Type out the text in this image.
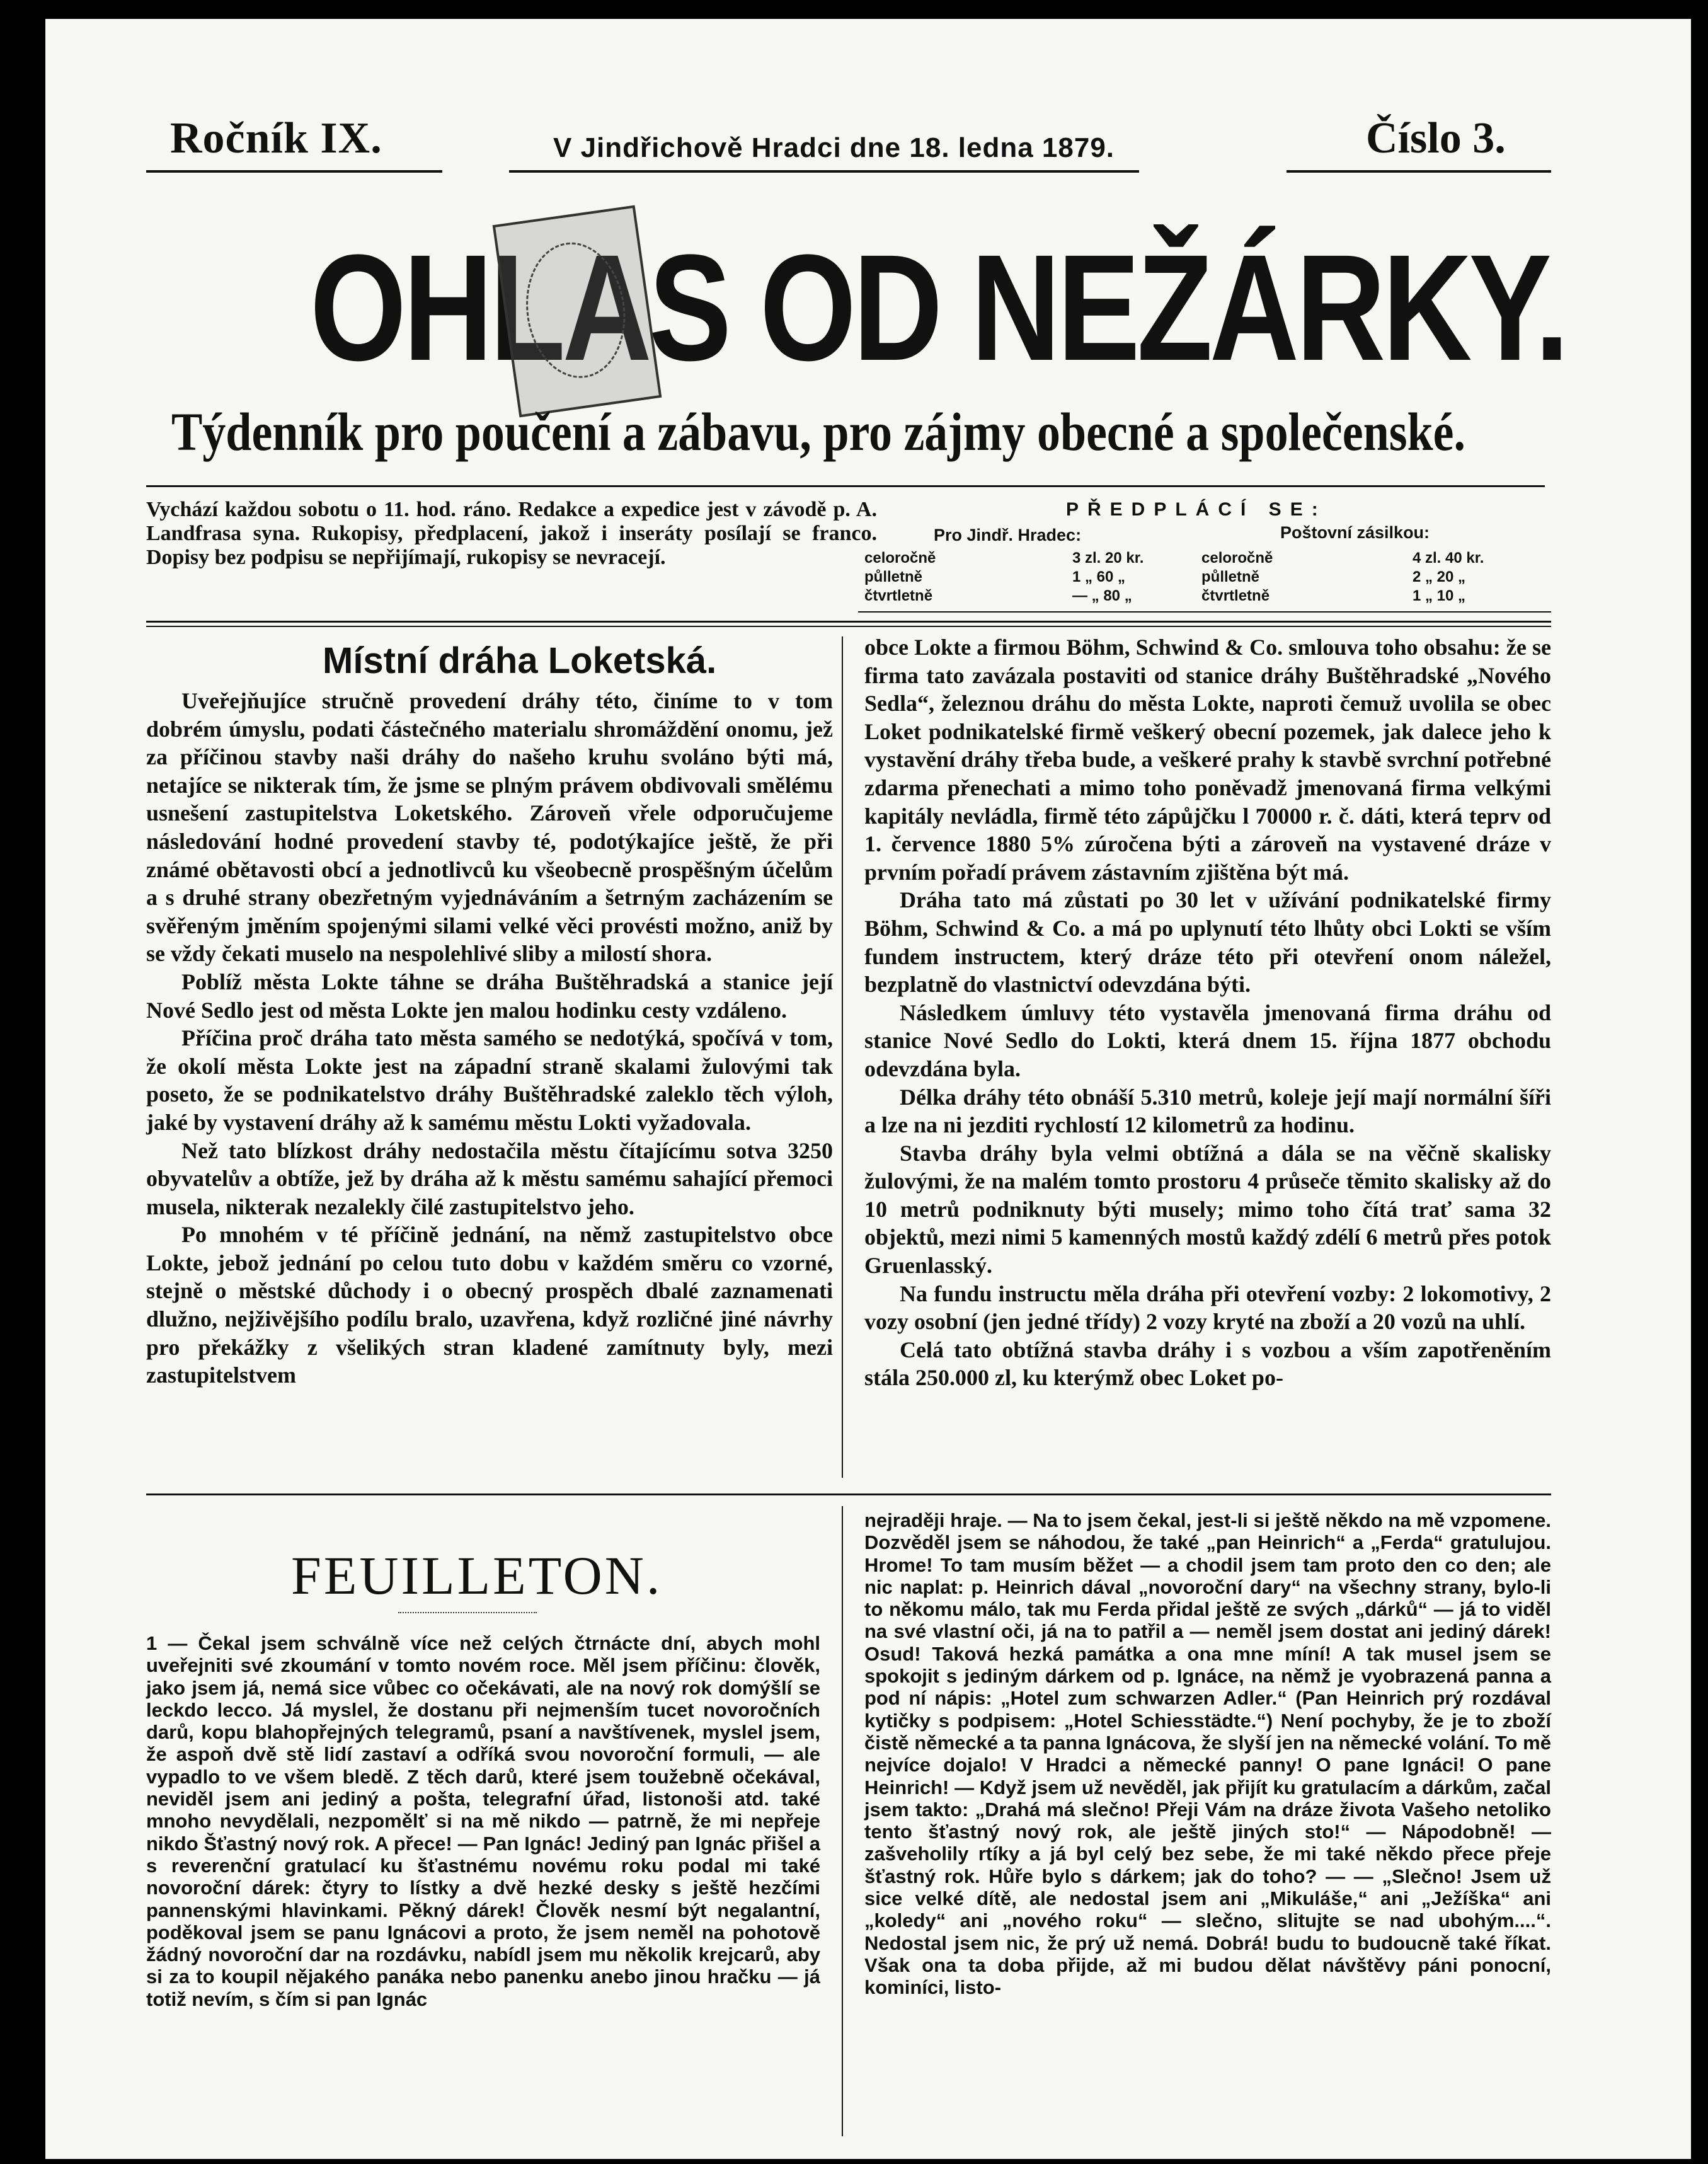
Ročník IX.	V Jindřichově Hradci dne 18. ledna 1879.	Číslo 3.
OHLAS OD NEŽÁRKY.
Týdenník pro poučení a zábavu, pro zájmy obecné a společenské.
Vychází každou sobotu o 11. hod. ráno. Redakce a expedice jest v závodě p. A. Landfrasa syna. Rukopisy, předplacení, jakož i inseráty posílají se franco. Dopisy bez podpisu se nepřijímají, rukopisy se nevracejí.
PŘEDPLÁCÍ SE:
Pro Jindř. Hradec:	Poštovní zásilkou:
celoročně	3 zl. 20 kr.
půlletně	1 „ 60 „
čtvrtletně	— „ 80 „
celoročně	4 zl. 40 kr.
půlletně	2 „ 20 „
čtvrtletně	1 „ 10 „
Místní dráha Loketská.

Uveřejňujíce stručně provedení dráhy této, činíme to v tom dobrém úmyslu, podati částečného materialu shromáždění onomu, jež za příčinou stavby naši dráhy do našeho kruhu svoláno býti má, netajíce se nikterak tím, že jsme se plným právem obdivovali smělému usnešení zastupitelstva Loketského. Zároveň vřele odporučujeme následování hodné provedení stavby té, podotýkajíce ještě, že při známé obětavosti obcí a jednotlivců ku všeobecně prospěšným účelům a s druhé strany obezřetným vyjednáváním a šetrným zacházením se svěřeným jměním spojenými silami velké věci provésti možno, aniž by se vždy čekati muselo na nespolehlivé sliby a milostí shora.

Poblíž města Lokte táhne se dráha Buštěhradská a stanice její Nové Sedlo jest od města Lokte jen malou hodinku cesty vzdáleno.

Příčina proč dráha tato města samého se nedotýká, spočívá v tom, že okolí města Lokte jest na západní straně skalami žulovými tak poseto, že se podnikatelstvo dráhy Buštěhradské zaleklo těch výloh, jaké by vystavení dráhy až k samému městu Lokti vyžadovala.

Než tato blízkost dráhy nedostačila městu čítajícímu sotva 3250 obyvatelův a obtíže, jež by dráha až k městu samému sahající přemoci musela, nikterak nezalekly čilé zastupitelstvo jeho.

Po mnohém v té příčině jednání, na němž zastupitelstvo obce Lokte, jebož jednání po celou tuto dobu v každém směru co vzorné, stejně o městské důchody i o obecný prospěch dbalé zaznamenati dlužno, nejživějšího podílu bralo, uzavřena, když rozličné jiné návrhy pro překážky z všelikých stran kladené zamítnuty byly, mezi zastupitelstvem

obce Lokte a firmou Böhm, Schwind & Co. smlouva toho obsahu: že se firma tato zavázala postaviti od stanice dráhy Buštěhradské „Nového Sedla“, železnou dráhu do města Lokte, naproti čemuž uvolila se obec Loket podnikatelské firmě veškerý obecní pozemek, jak dalece jeho k vystavění dráhy třeba bude, a veškeré prahy k stavbě svrchní potřebné zdarma přenechati a mimo toho poněvadž jmenovaná firma velkými kapitály nevládla, firmě této zápůjčku l 70000 r. č. dáti, která teprv od 1. července 1880 5% zúročena býti a zároveň na vystavené dráze v prvním pořadí právem zástavním zjištěna být má.

Dráha tato má zůstati po 30 let v užívání podnikatelské firmy Böhm, Schwind & Co. a má po uplynutí této lhůty obci Lokti se vším fundem instructem, který dráze této při otevření onom náležel, bezplatně do vlastnictví odevzdána býti.

Následkem úmluvy této vystavěla jmenovaná firma dráhu od stanice Nové Sedlo do Lokti, která dnem 15. října 1877 obchodu odevzdána byla.

Délka dráhy této obnáší 5.310 metrů, koleje její mají normální šíři a lze na ni jezditi rychlostí 12 kilometrů za hodinu.

Stavba dráhy byla velmi obtížná a dála se na věčně skalisky žulovými, že na malém tomto prostoru 4 průseče těmito skalisky až do 10 metrů podniknuty býti musely; mimo toho čítá trať sama 32 objektů, mezi nimi 5 kamenných mostů každý zdélí 6 metrů přes potok Gruenlasský.

Na fundu instructu měla dráha při otevření vozby: 2 lokomotivy, 2 vozy osobní (jen jedné třídy) 2 vozy kryté na zboží a 20 vozů na uhlí.

Celá tato obtížná stavba dráhy i s vozbou a vším zapotřeněním stála 250.000 zl, ku kterýmž obec Loket po-

FEUILLETON.

1 — Čekal jsem schválně více než celých čtrnácte dní, abych mohl uveřejniti své zkoumání v tomto novém roce. Měl jsem příčinu: člověk, jako jsem já, nemá sice vůbec co očekávati, ale na nový rok domýšlí se leckdo lecco. Já myslel, že dostanu při nejmenším tucet novoročních darů, kopu blahopřejných telegramů, psaní a navštívenek, myslel jsem, že aspoň dvě stě lidí zastaví a odříká svou novoroční formuli, — ale vypadlo to ve všem bledě. Z těch darů, které jsem toužebně očekával, neviděl jsem ani jediný a pošta, telegrafní úřad, listonoši atd. také mnoho nevydělali, nezpomělť si na mě nikdo — patrně, že mi nepřeje nikdo Šťastný nový rok. A přece! — Pan Ignác! Jediný pan Ignác přišel a s reverenční gratulací ku šťastnému novému roku podal mi také novoroční dárek: čtyry to lístky a dvě hezké desky s ještě hezčími pannenskými hlavinkami. Pěkný dárek! Člověk nesmí být negalantní, poděkoval jsem se panu Ignácovi a proto, že jsem neměl na pohotově žádný novoroční dar na rozdávku, nabídl jsem mu několik krejcarů, aby si za to koupil nějakého panáka nebo panenku anebo jinou hračku — já totiž nevím, s čím si pan Ignác

nejraději hraje. — Na to jsem čekal, jest-li si ještě někdo na mě vzpomene. Dozvěděl jsem se náhodou, že také „pan Heinrich“ a „Ferda“ gratulujou. Hrome! To tam musím běžet — a chodil jsem tam proto den co den; ale nic naplat: p. Heinrich dával „novoroční dary“ na všechny strany, bylo-li to někomu málo, tak mu Ferda přidal ještě ze svých „dárků“ — já to viděl na své vlastní oči, já na to patřil a — neměl jsem dostat ani jediný dárek! Osud! Taková hezká památka a ona mne míní! A tak musel jsem se spokojit s jediným dárkem od p. Ignáce, na němž je vyobrazená panna a pod ní nápis: „Hotel zum schwarzen Adler.“ (Pan Heinrich prý rozdával kytičky s podpisem: „Hotel Schiesstädte.“) Není pochyby, že je to zboží čistě německé a ta panna Ignácova, že slyší jen na německé volání. To mě nejvíce dojalo! V Hradci a německé panny! O pane Ignáci! O pane Heinrich! — Když jsem už nevěděl, jak přijít ku gratulacím a dárkům, začal jsem takto: „Drahá má slečno! Přeji Vám na dráze života Vašeho netoliko tento šťastný nový rok, ale ještě jiných sto!“ — Nápodobně! — zašveholily rtíky a já byl celý bez sebe, že mi také někdo přece přeje šťastný rok. Hůře bylo s dárkem; jak do toho? — — „Slečno! Jsem už sice velké dítě, ale nedostal jsem ani „Mikuláše,“ ani „Ježíška“ ani „koledy“ ani „nového roku“ — slečno, slitujte se nad ubohým....“. Nedostal jsem nic, že prý už nemá. Dobrá! budu to budoucně také říkat. Však ona ta doba přijde, až mi budou dělat návštěvy páni ponocní, kominíci, listo-
